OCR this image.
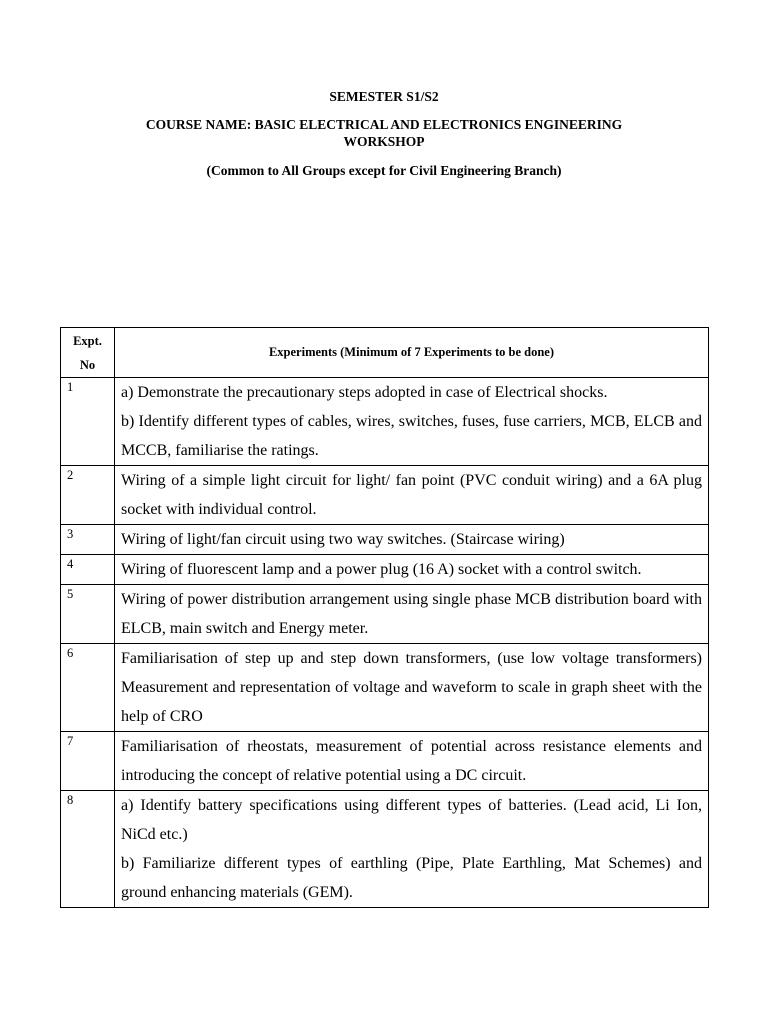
SEMESTER S1/S2
COURSE NAME: BASIC ELECTRICAL AND ELECTRONICS ENGINEERING
WORKSHOP
(Common to All Groups except for Civil Engineering Branch)
Expt.
No	Experiments (Minimum of 7 Experiments to be done)
1	a) Demonstrate the precautionary steps adopted in case of Electrical shocks.

b) Identify different types of cables, wires, switches, fuses, fuse carriers, MCB, ELCB and MCCB, familiarise the ratings.

2	Wiring of a simple light circuit for light/ fan point (PVC conduit wiring) and a 6A plug socket with individual control.

3	Wiring of light/fan circuit using two way switches. (Staircase wiring)

4	Wiring of fluorescent lamp and a power plug (16 A) socket with a control switch.

5	Wiring of power distribution arrangement using single phase MCB distribution board with ELCB, main switch and Energy meter.

6	Familiarisation of step up and step down transformers, (use low voltage transformers) Measurement and representation of voltage and waveform to scale in graph sheet with the help of CRO

7	Familiarisation of rheostats, measurement of potential across resistance elements and introducing the concept of relative potential using a DC circuit.

8	a) Identify battery specifications using different types of batteries. (Lead acid, Li Ion, NiCd etc.)

b) Familiarize different types of earthling (Pipe, Plate Earthling, Mat Schemes) and ground enhancing materials (GEM).
